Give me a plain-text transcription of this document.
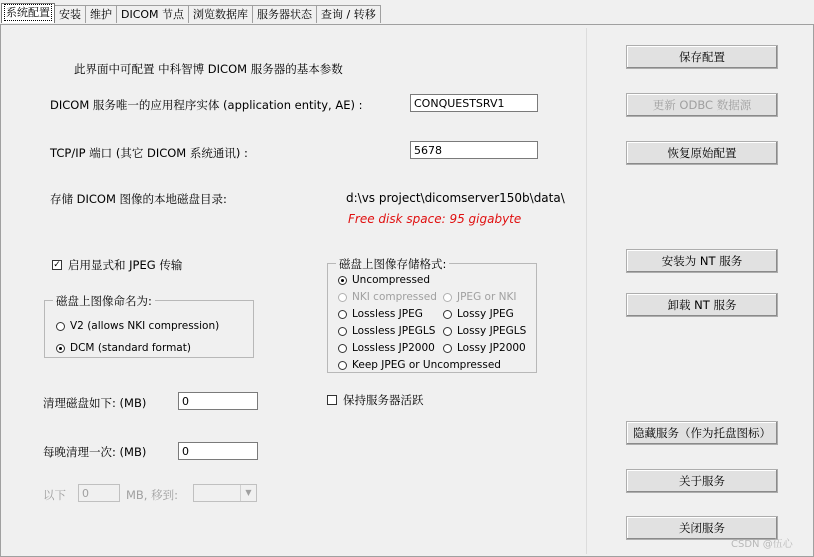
系统配置 安装 维护 DICOM 节点 浏览数据库 服务器状态 查询 / 转移
此界面中可配置 中科智博 DICOM 服务器的基本参数
DICOM 服务唯一的应用程序实体 (application entity, AE) :	CONQUESTSRV1
TCP/IP 端口 (其它 DICOM 系统通讯) :	5678
存储 DICOM 图像的本地磁盘目录:	d:\vs project\dicomserver150b\data\
Free disk space: 95 gigabyte
✓ 启用显式和 JPEG 传输
磁盘上图像命名为:
V2 (allows NKI compression)
DCM (standard format)
磁盘上图像存储格式:
Uncompressed
NKI compressed JPEG or NKI
Lossless JPEG	Lossy JPEG
Lossless JPEGLS Lossy JPEGLS
Lossless JP2000 Lossy JP2000
Keep JPEG or Uncompressed
保持服务器活跃
清理磁盘如下: (MB)	0
每晚清理一次: (MB)	0
以下	0	MB, 移到:	▼
保存配置
更新 ODBC 数据源
恢复原始配置
安装为 NT 服务
卸载 NT 服务
隐藏服务（作为托盘图标）
关于服务
关闭服务
CSDN @伍心
